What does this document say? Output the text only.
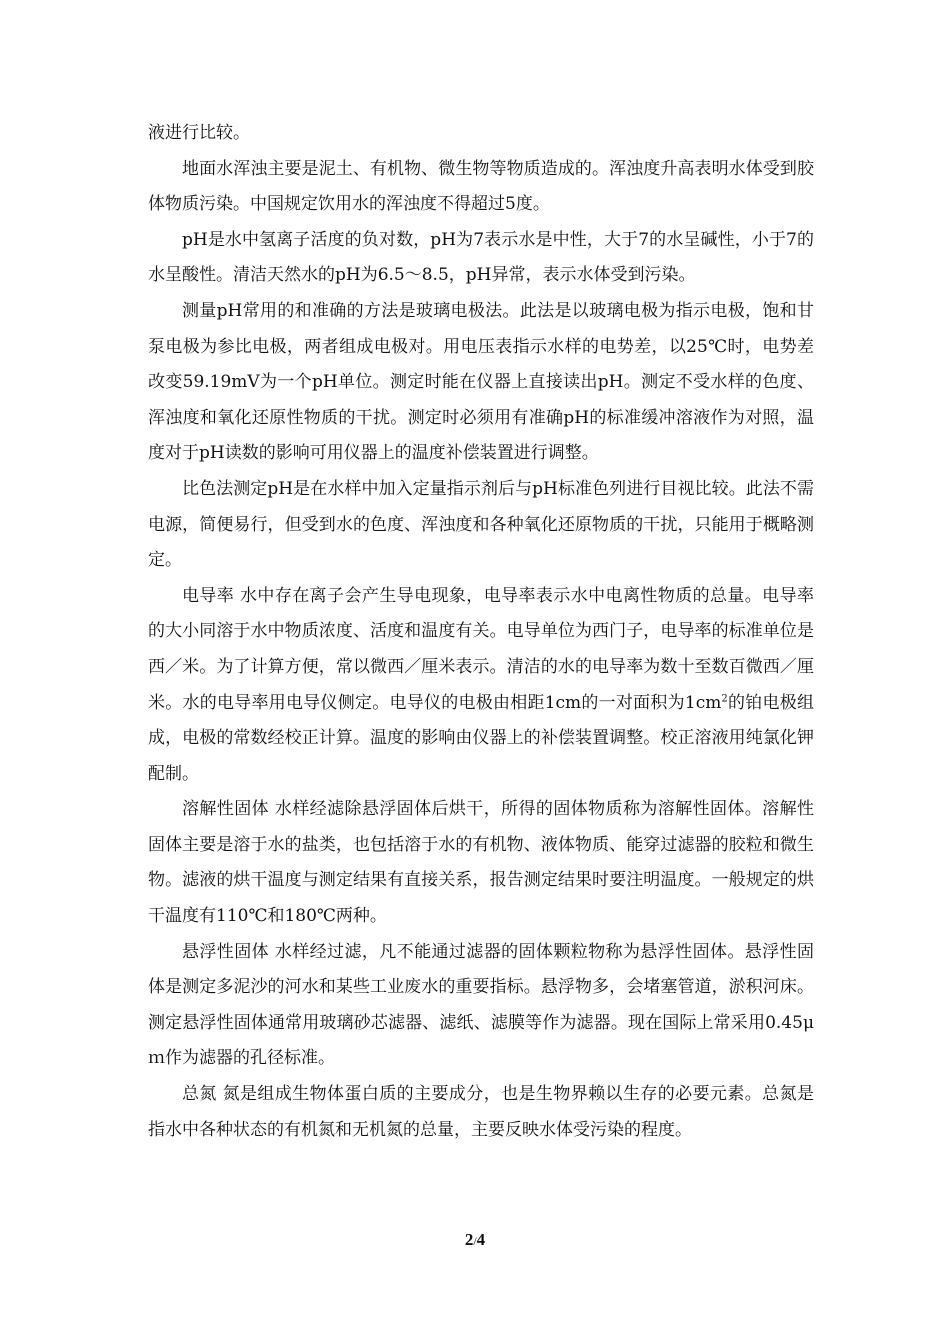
液进行比较。

地面水浑浊主要是泥土、有机物、微生物等物质造成的。浑浊度升高表明水体受到胶体物质污染。中国规定饮用水的浑浊度不得超过5度。

pH是水中氢离子活度的负对数，pH为7表示水是中性，大于7的水呈碱性，小于7的水呈酸性。清洁天然水的pH为6.5～8.5，pH异常，表示水体受到污染。

测量pH常用的和准确的方法是玻璃电极法。此法是以玻璃电极为指示电极，饱和甘泵电极为参比电极，两者组成电极对。用电压表指示水样的电势差，以25℃时，电势差改变59.19mV为一个pH单位。测定时能在仪器上直接读出pH。测定不受水样的色度、浑浊度和氧化还原性物质的干扰。测定时必须用有准确pH的标准缓冲溶液作为对照，温度对于pH读数的影响可用仪器上的温度补偿装置进行调整。

比色法测定pH是在水样中加入定量指示剂后与pH标准色列进行目视比较。此法不需电源，简便易行，但受到水的色度、浑浊度和各种氧化还原物质的干扰，只能用于概略测定。

电导率 水中存在离子会产生导电现象，电导率表示水中电离性物质的总量。电导率的大小同溶于水中物质浓度、活度和温度有关。电导单位为西门子，电导率的标准单位是西／米。为了计算方便，常以微西／厘米表示。清洁的水的电导率为数十至数百微西／厘米。水的电导率用电导仪侧定。电导仪的电极由相距1cm的一对面积为$1cm^2$的铂电极组成，电极的常数经校正计算。温度的影响由仪器上的补偿装置调整。校正溶液用纯氯化钾配制。

溶解性固体 水样经滤除悬浮固体后烘干，所得的固体物质称为溶解性固体。溶解性固体主要是溶于水的盐类，也包括溶于水的有机物、液体物质、能穿过滤器的胶粒和微生物。滤液的烘干温度与测定结果有直接关系，报告测定结果时要注明温度。一般规定的烘干温度有110℃和180℃两种。

悬浮性固体 水样经过滤，凡不能通过滤器的固体颗粒物称为悬浮性固体。悬浮性固体是测定多泥沙的河水和某些工业废水的重要指标。悬浮物多，会堵塞管道，淤积河床。测定悬浮性固体通常用玻璃砂芯滤器、滤纸、滤膜等作为滤器。现在国际上常采用0.45μｍ作为滤器的孔径标准。

总氮 氮是组成生物体蛋白质的主要成分，也是生物界赖以生存的必要元素。总氮是指水中各种状态的有机氮和无机氮的总量，主要反映水体受污染的程度。

2/4
